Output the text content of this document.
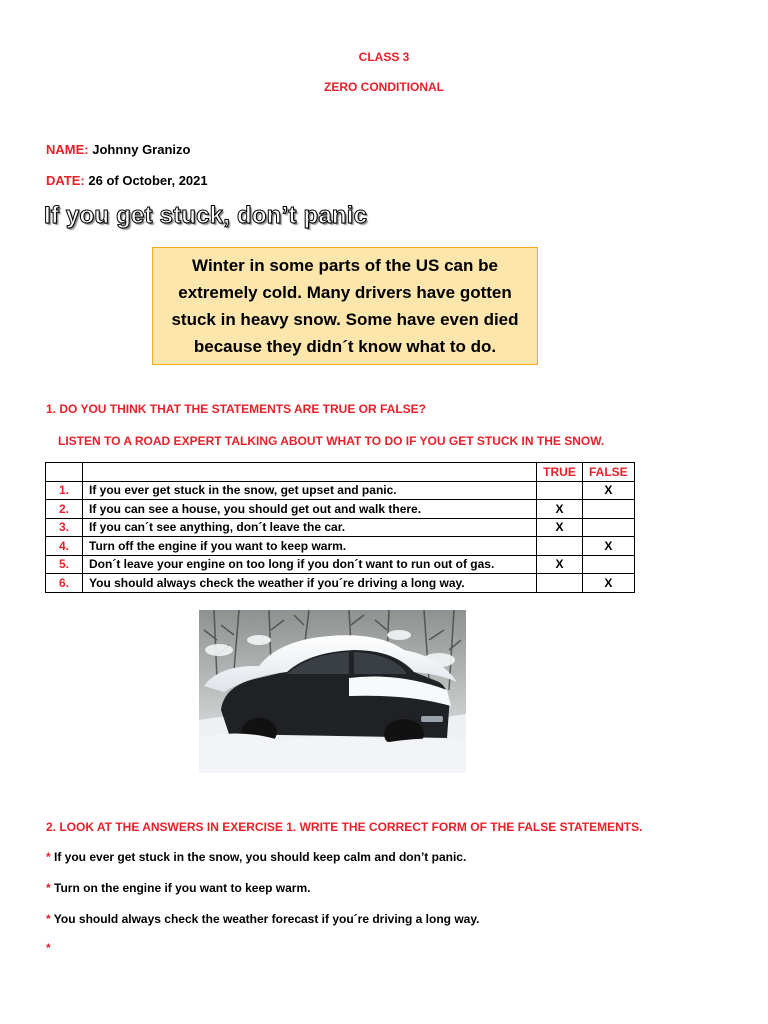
CLASS 3
ZERO CONDITIONAL
NAME: Johnny Granizo
DATE: 26 of October, 2021
If you get stuck, don’t panic
Winter in some parts of the US can be extremely cold. Many drivers have gotten stuck in heavy snow. Some have even died because they didn´t know what to do.
1. DO YOU THINK THAT THE STATEMENTS ARE TRUE OR FALSE?
LISTEN TO A ROAD EXPERT TALKING ABOUT WHAT TO DO IF YOU GET STUCK IN THE SNOW.
		TRUE	FALSE
1.	If you ever get stuck in the snow, get upset and panic.		X
2.	If you can see a house, you should get out and walk there.	X	
3.	If you can´t see anything, don´t leave the car.	X	
4.	Turn off the engine if you want to keep warm.		X
5.	Don´t leave your engine on too long if you don´t want to run out of gas.	X	
6.	You should always check the weather if you´re driving a long way.		X
2. LOOK AT THE ANSWERS IN EXERCISE 1. WRITE THE CORRECT FORM OF THE FALSE STATEMENTS.
* If you ever get stuck in the snow, you should keep calm and don’t panic.
* Turn on the engine if you want to keep warm.
* You should always check the weather forecast if you´re driving a long way.
*
